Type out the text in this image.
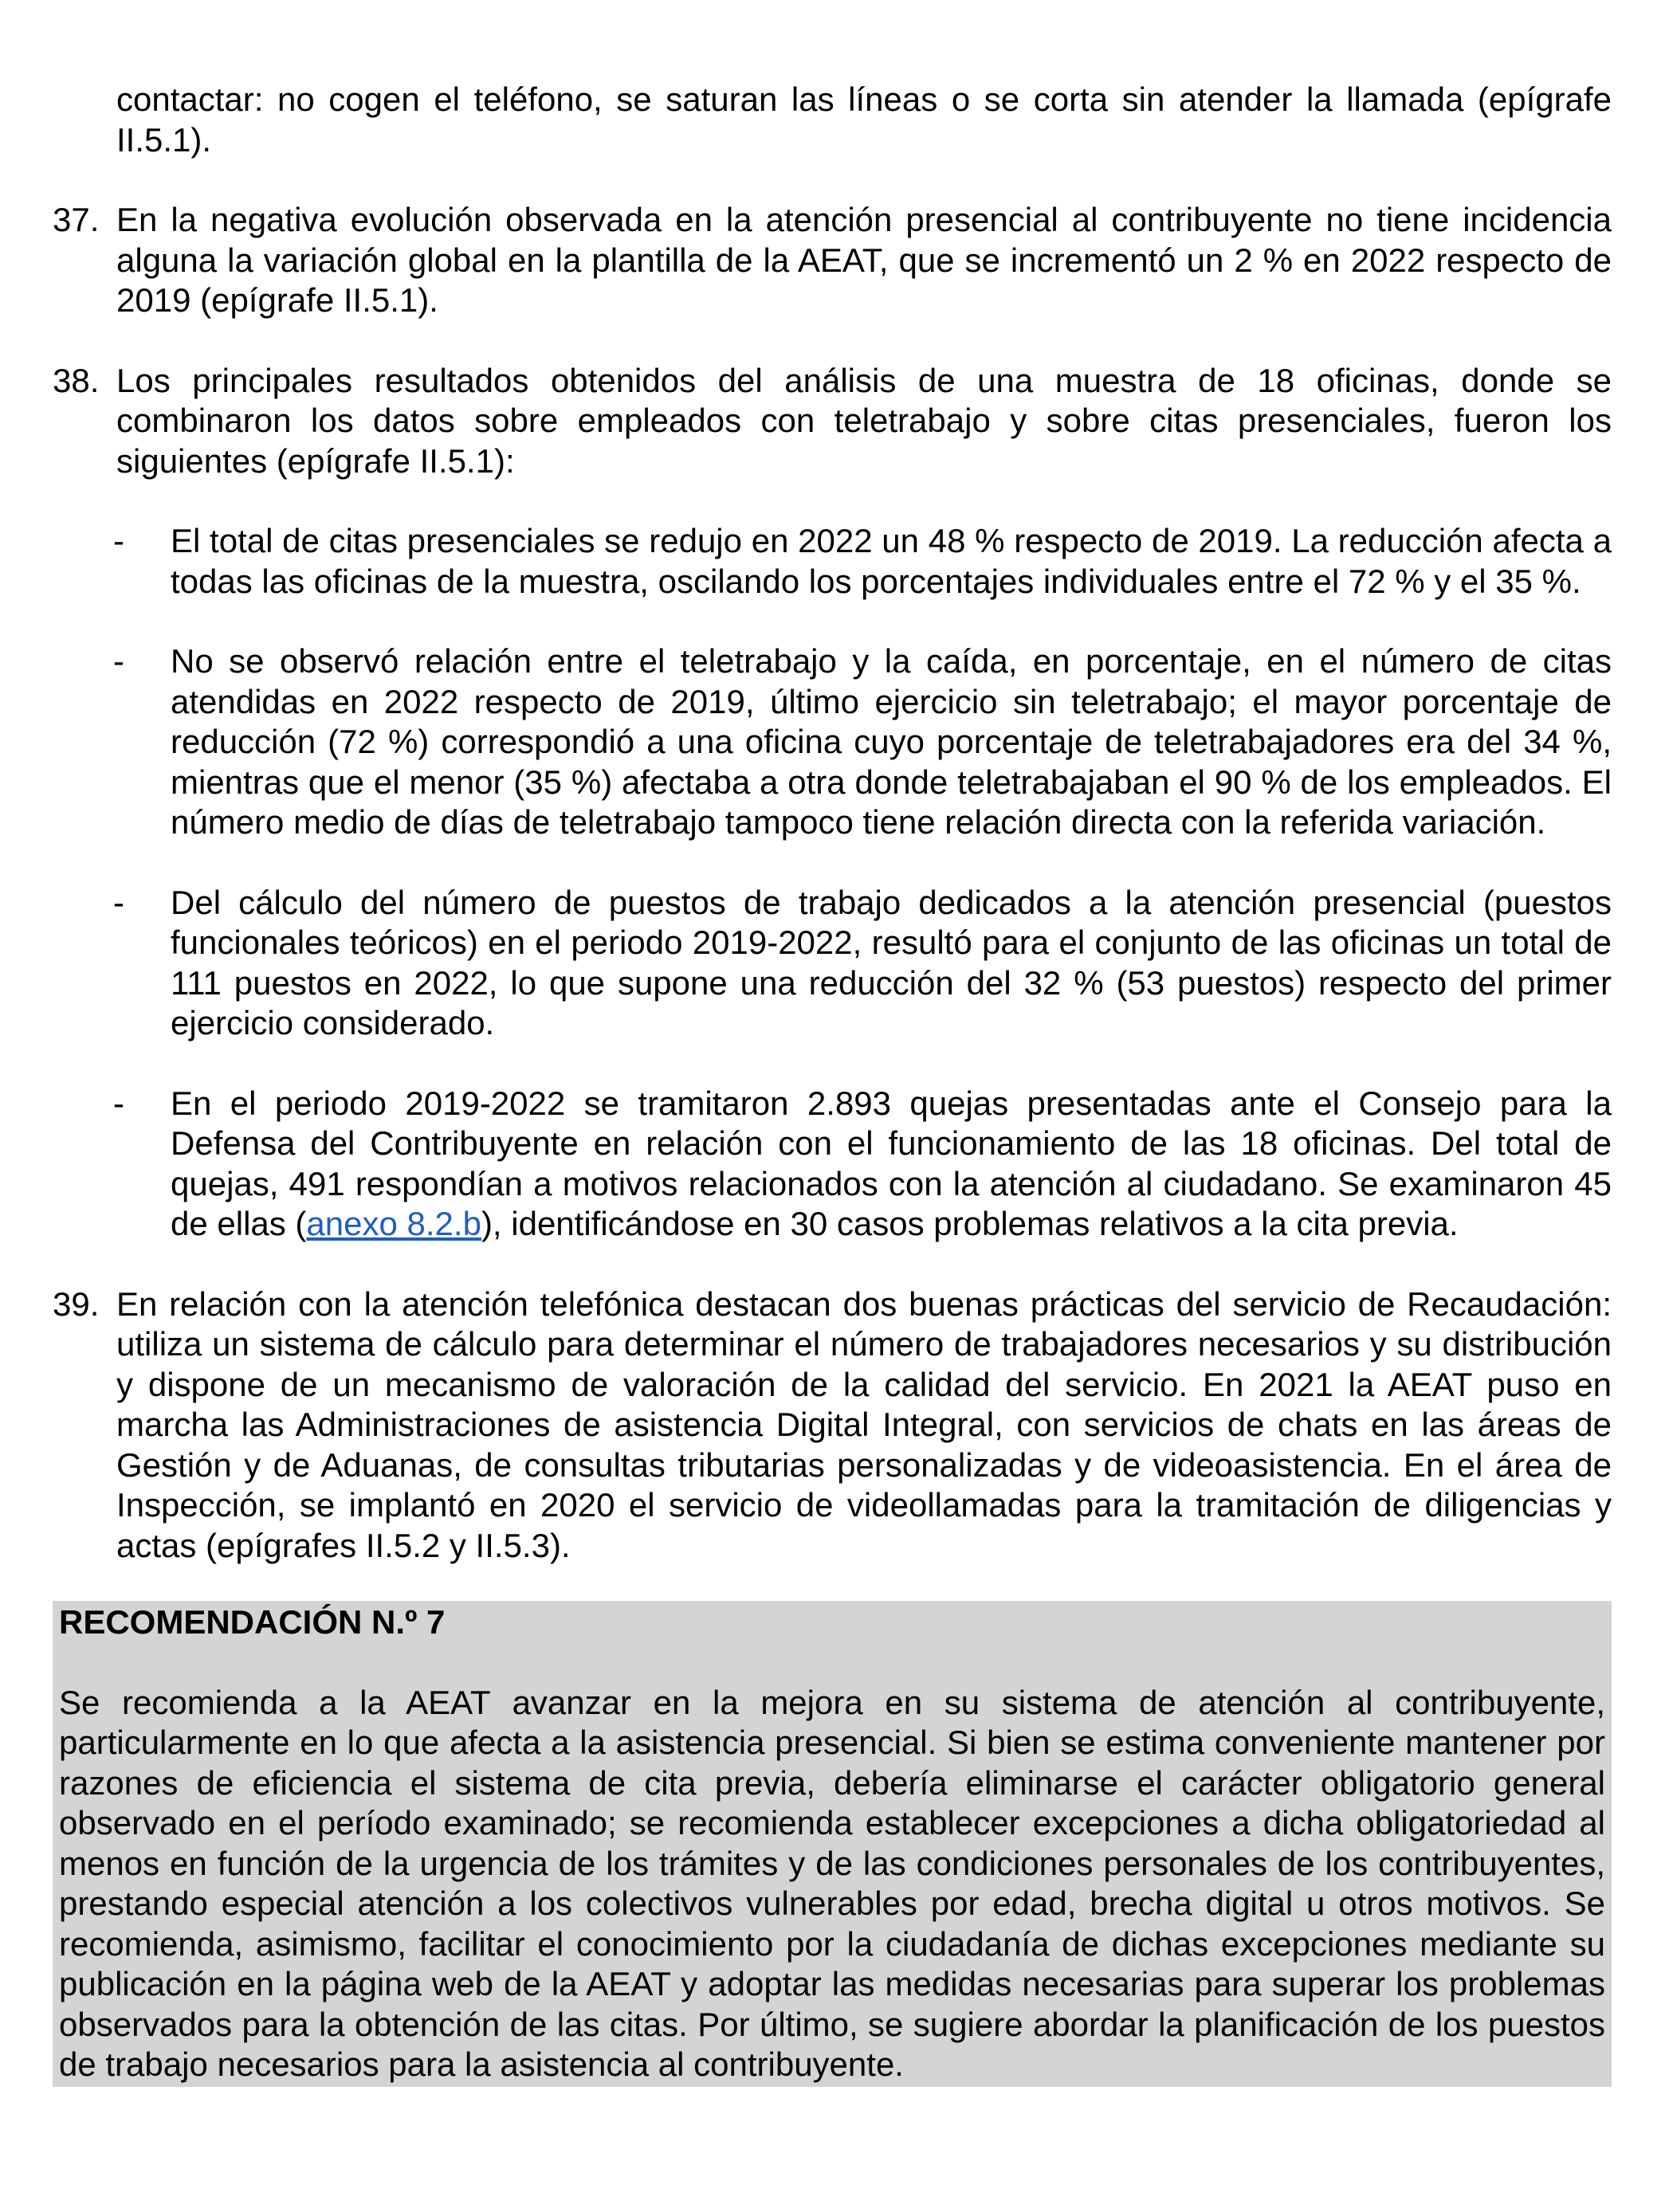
contactar: no cogen el teléfono, se saturan las líneas o se corta sin atender la llamada (epígrafe II.5.1).
37. En la negativa evolución observada en la atención presencial al contribuyente no tiene incidencia alguna la variación global en la plantilla de la AEAT, que se incrementó un 2 % en 2022 respecto de 2019 (epígrafe II.5.1).
38. Los principales resultados obtenidos del análisis de una muestra de 18 oficinas, donde se combinaron los datos sobre empleados con teletrabajo y sobre citas presenciales, fueron los siguientes (epígrafe II.5.1):
- El total de citas presenciales se redujo en 2022 un 48 % respecto de 2019. La reducción afecta a todas las oficinas de la muestra, oscilando los porcentajes individuales entre el 72 % y el 35 %.
- No se observó relación entre el teletrabajo y la caída, en porcentaje, en el número de citas atendidas en 2022 respecto de 2019, último ejercicio sin teletrabajo; el mayor porcentaje de reducción (72 %) correspondió a una oficina cuyo porcentaje de teletrabajadores era del 34 %, mientras que el menor (35 %) afectaba a otra donde teletrabajaban el 90 % de los empleados. El número medio de días de teletrabajo tampoco tiene relación directa con la referida variación.
- Del cálculo del número de puestos de trabajo dedicados a la atención presencial (puestos funcionales teóricos) en el periodo 2019-2022, resultó para el conjunto de las oficinas un total de 111 puestos en 2022, lo que supone una reducción del 32 % (53 puestos) respecto del primer ejercicio considerado.
- En el periodo 2019-2022 se tramitaron 2.893 quejas presentadas ante el Consejo para la Defensa del Contribuyente en relación con el funcionamiento de las 18 oficinas. Del total de quejas, 491 respondían a motivos relacionados con la atención al ciudadano. Se examinaron 45 de ellas (anexo 8.2.b), identificándose en 30 casos problemas relativos a la cita previa.
39. En relación con la atención telefónica destacan dos buenas prácticas del servicio de Recaudación: utiliza un sistema de cálculo para determinar el número de trabajadores necesarios y su distribución y dispone de un mecanismo de valoración de la calidad del servicio. En 2021 la AEAT puso en marcha las Administraciones de asistencia Digital Integral, con servicios de chats en las áreas de Gestión y de Aduanas, de consultas tributarias personalizadas y de videoasistencia. En el área de Inspección, se implantó en 2020 el servicio de videollamadas para la tramitación de diligencias y actas (epígrafes II.5.2 y II.5.3).
RECOMENDACIÓN N.º 7
Se recomienda a la AEAT avanzar en la mejora en su sistema de atención al contribuyente, particularmente en lo que afecta a la asistencia presencial. Si bien se estima conveniente mantener por razones de eficiencia el sistema de cita previa, debería eliminarse el carácter obligatorio general observado en el período examinado; se recomienda establecer excepciones a dicha obligatoriedad al menos en función de la urgencia de los trámites y de las condiciones personales de los contribuyentes, prestando especial atención a los colectivos vulnerables por edad, brecha digital u otros motivos. Se recomienda, asimismo, facilitar el conocimiento por la ciudadanía de dichas excepciones mediante su publicación en la página web de la AEAT y adoptar las medidas necesarias para superar los problemas observados para la obtención de las citas. Por último, se sugiere abordar la planificación de los puestos de trabajo necesarios para la asistencia al contribuyente.
